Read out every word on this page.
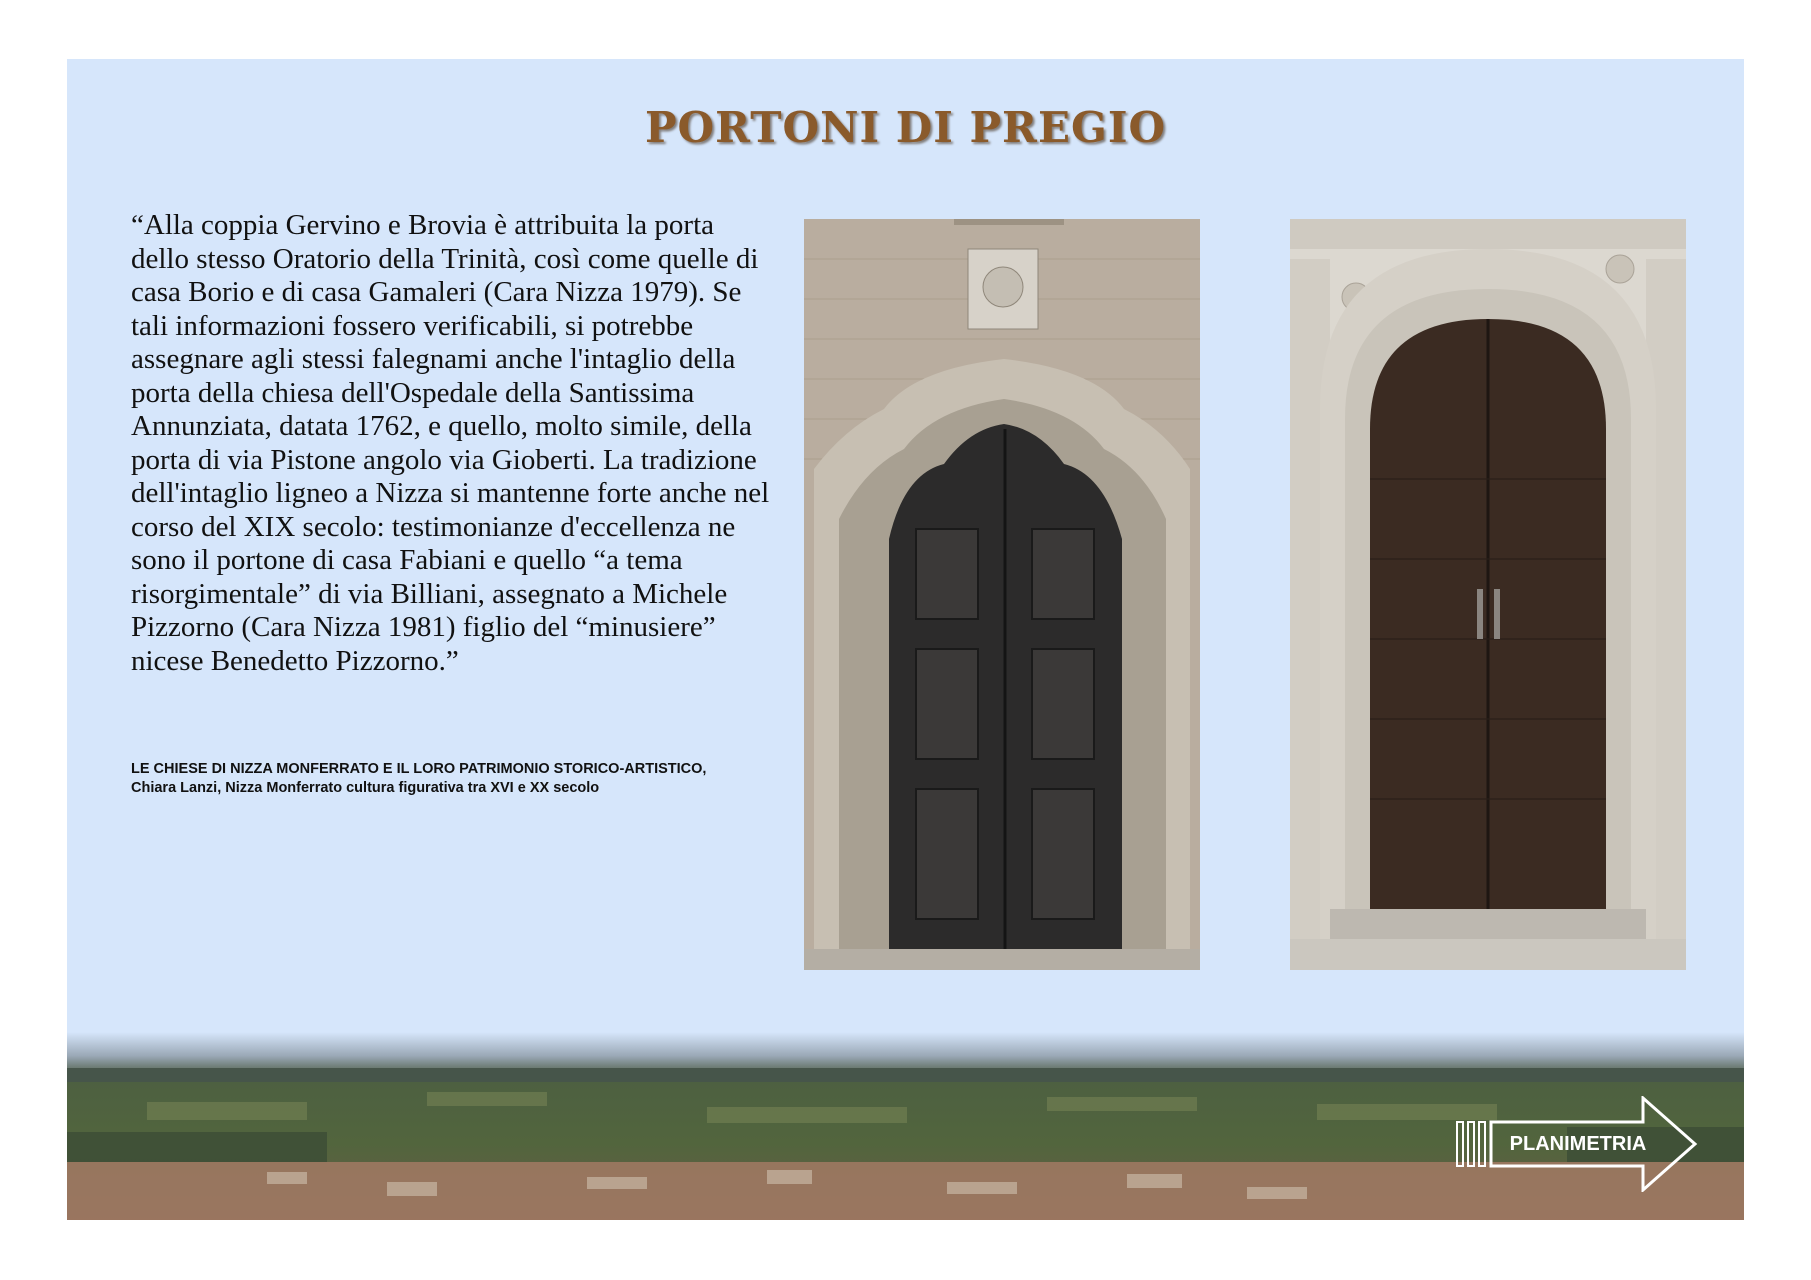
PORTONI DI PREGIO

“Alla coppia Gervino e Brovia è attribuita la porta dello stesso Oratorio della Trinità, così come quelle di casa Borio e di casa Gamaleri (Cara Nizza 1979). Se tali informazioni fossero verificabili, si potrebbe assegnare agli stessi falegnami anche l'intaglio della porta della chiesa dell'Ospedale della Santissima Annunziata, datata 1762, e quello, molto simile, della porta di via Pistone angolo via Gioberti. La tradizione dell'intaglio ligneo a Nizza si mantenne forte anche nel corso del XIX secolo: testimonianze d'eccellenza ne sono il portone di casa Fabiani e quello “a tema risorgimentale” di via Billiani, assegnato a Michele Pizzorno (Cara Nizza 1981) figlio del “minusiere” nicese Benedetto Pizzorno.”

LE CHIESE DI NIZZA MONFERRATO E IL LORO PATRIMONIO STORICO-ARTISTICO, Chiara Lanzi, Nizza Monferrato cultura figurativa tra XVI e XX secolo

PLANIMETRIA
